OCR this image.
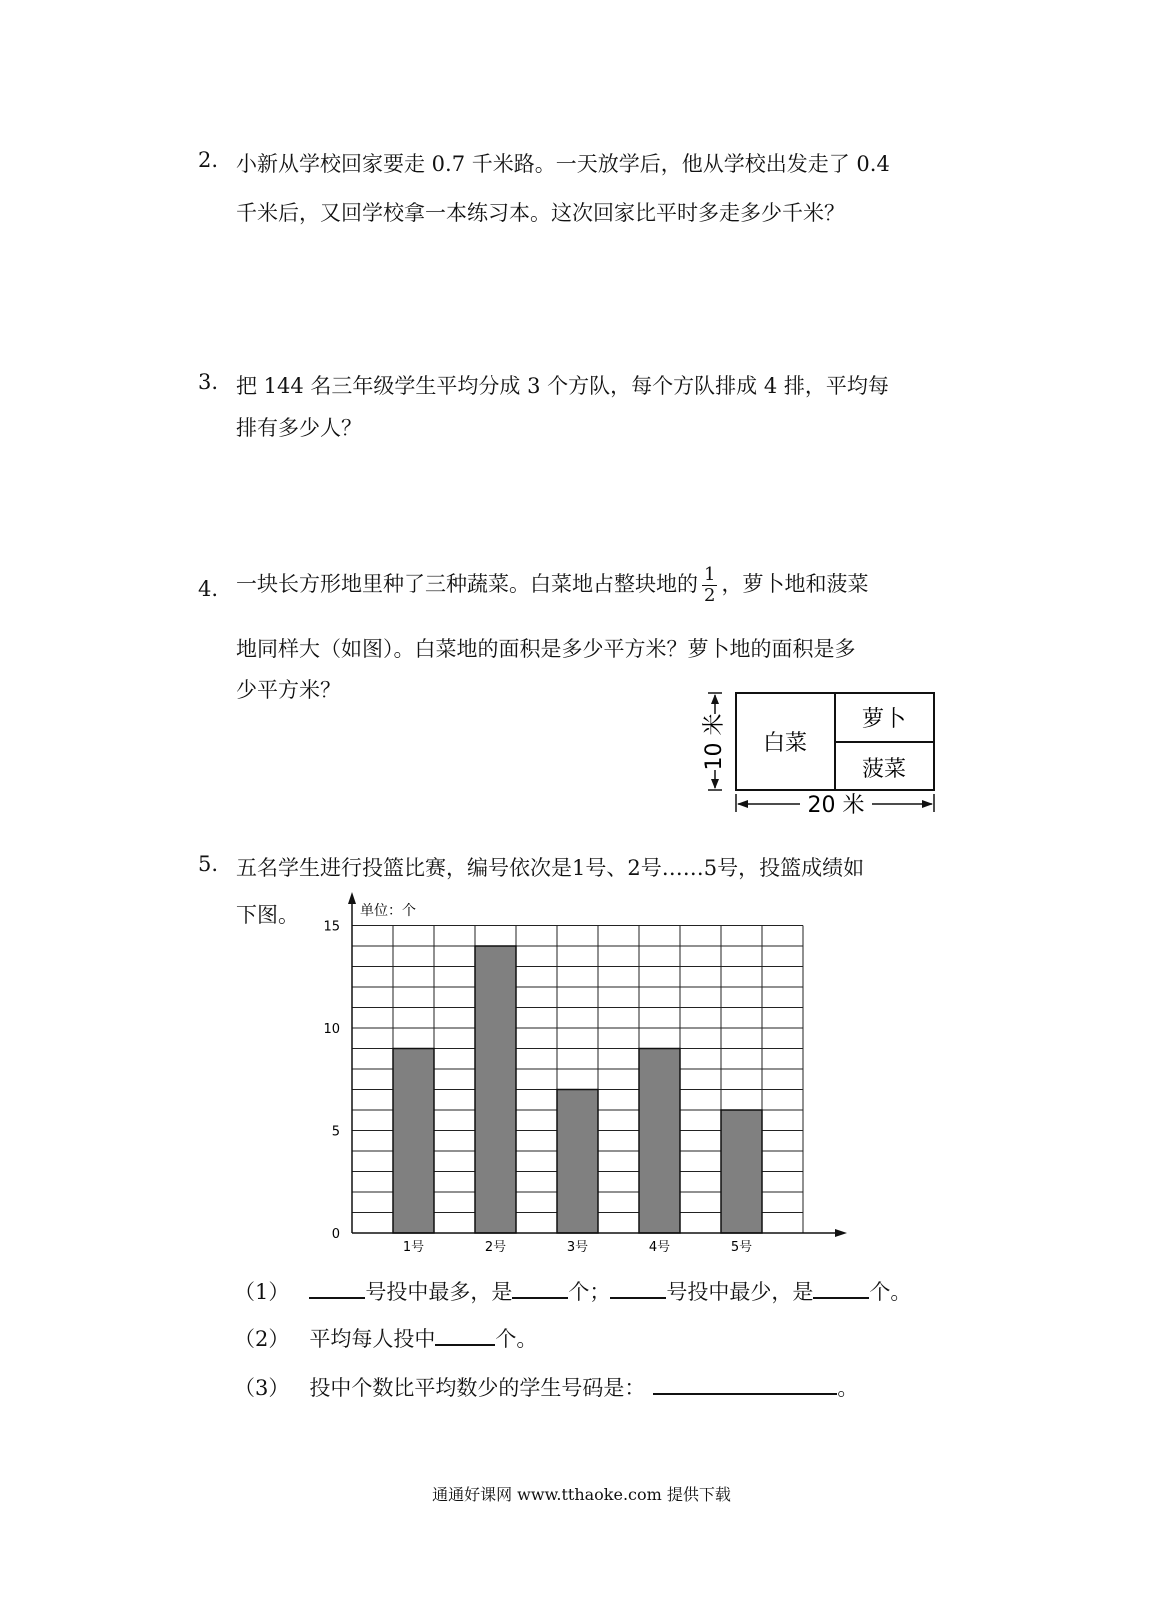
2. 小新从学校回家要走 0.7 千米路。一天放学后，他从学校出发走了 0.4
千米后，又回学校拿一本练习本。这次回家比平时多走多少千米？
3. 把 144 名三年级学生平均分成 3 个方队，每个方队排成 4 排，平均每
排有多少人？
4. 一块长方形地里种了三种蔬菜。白菜地占整块地的 $\frac{1}{2}$ ，萝卜地和菠菜
地同样大（如图）。白菜地的面积是多少平方米？萝卜地的面积是多
少平方米？
白菜
萝卜
菠菜
10 米
20 米
5. 五名学生进行投篮比赛，编号依次是1号、2号……5号，投篮成绩如
下图。
0
5
10
15
1号	2号	3号	4号	5号
单位：个
（1）	号投中最多，是	个；	号投中最少，是	个。
（2） 平均每人投中	个。
（3） 投中个数比平均数少的学生号码是：	。
通通好课网 www.tthaoke.com 提供下载
